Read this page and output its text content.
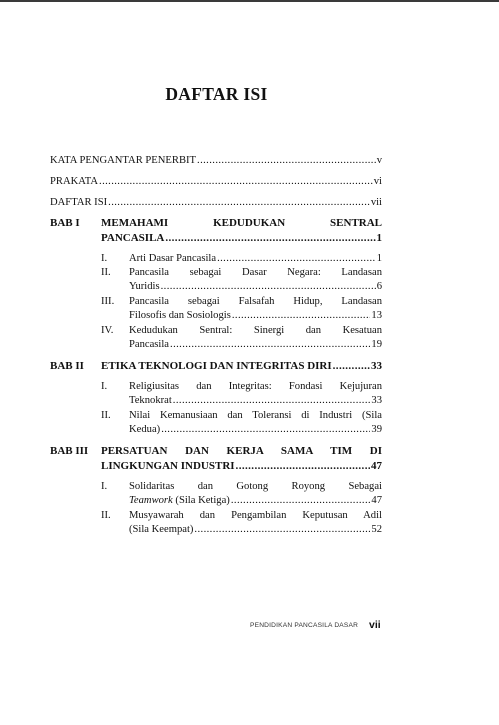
DAFTAR ISI
KATA PENGANTAR PENERBIT .....	v
PRAKATA .....	vi
DAFTAR ISI .....	vii
BAB I MEMAHAMI KEDUDUKAN SENTRAL
PANCASILA .....	1
I. Arti Dasar Pancasila .....	1
II. Pancasila sebagai Dasar Negara: Landasan
Yuridis .....	6
III. Pancasila sebagai Falsafah Hidup, Landasan
Filosofis dan Sosiologis .....	13
IV. Kedudukan Sentral: Sinergi dan Kesatuan
Pancasila .....	19
BAB II ETIKA TEKNOLOGI DAN INTEGRITAS DIRI .....	33
I. Religiusitas dan Integritas: Fondasi Kejujuran
Teknokrat .....	33
II. Nilai Kemanusiaan dan Toleransi di Industri (Sila
Kedua) .....	39
BAB III PERSATUAN DAN KERJA SAMA TIM DI
LINGKUNGAN INDUSTRI .....	47
I. Solidaritas dan Gotong Royong Sebagai
Teamwork (Sila Ketiga) .....	47
II. Musyawarah dan Pengambilan Keputusan Adil
(Sila Keempat) .....	52
PENDIDIKAN PANCASILA DASAR vii
